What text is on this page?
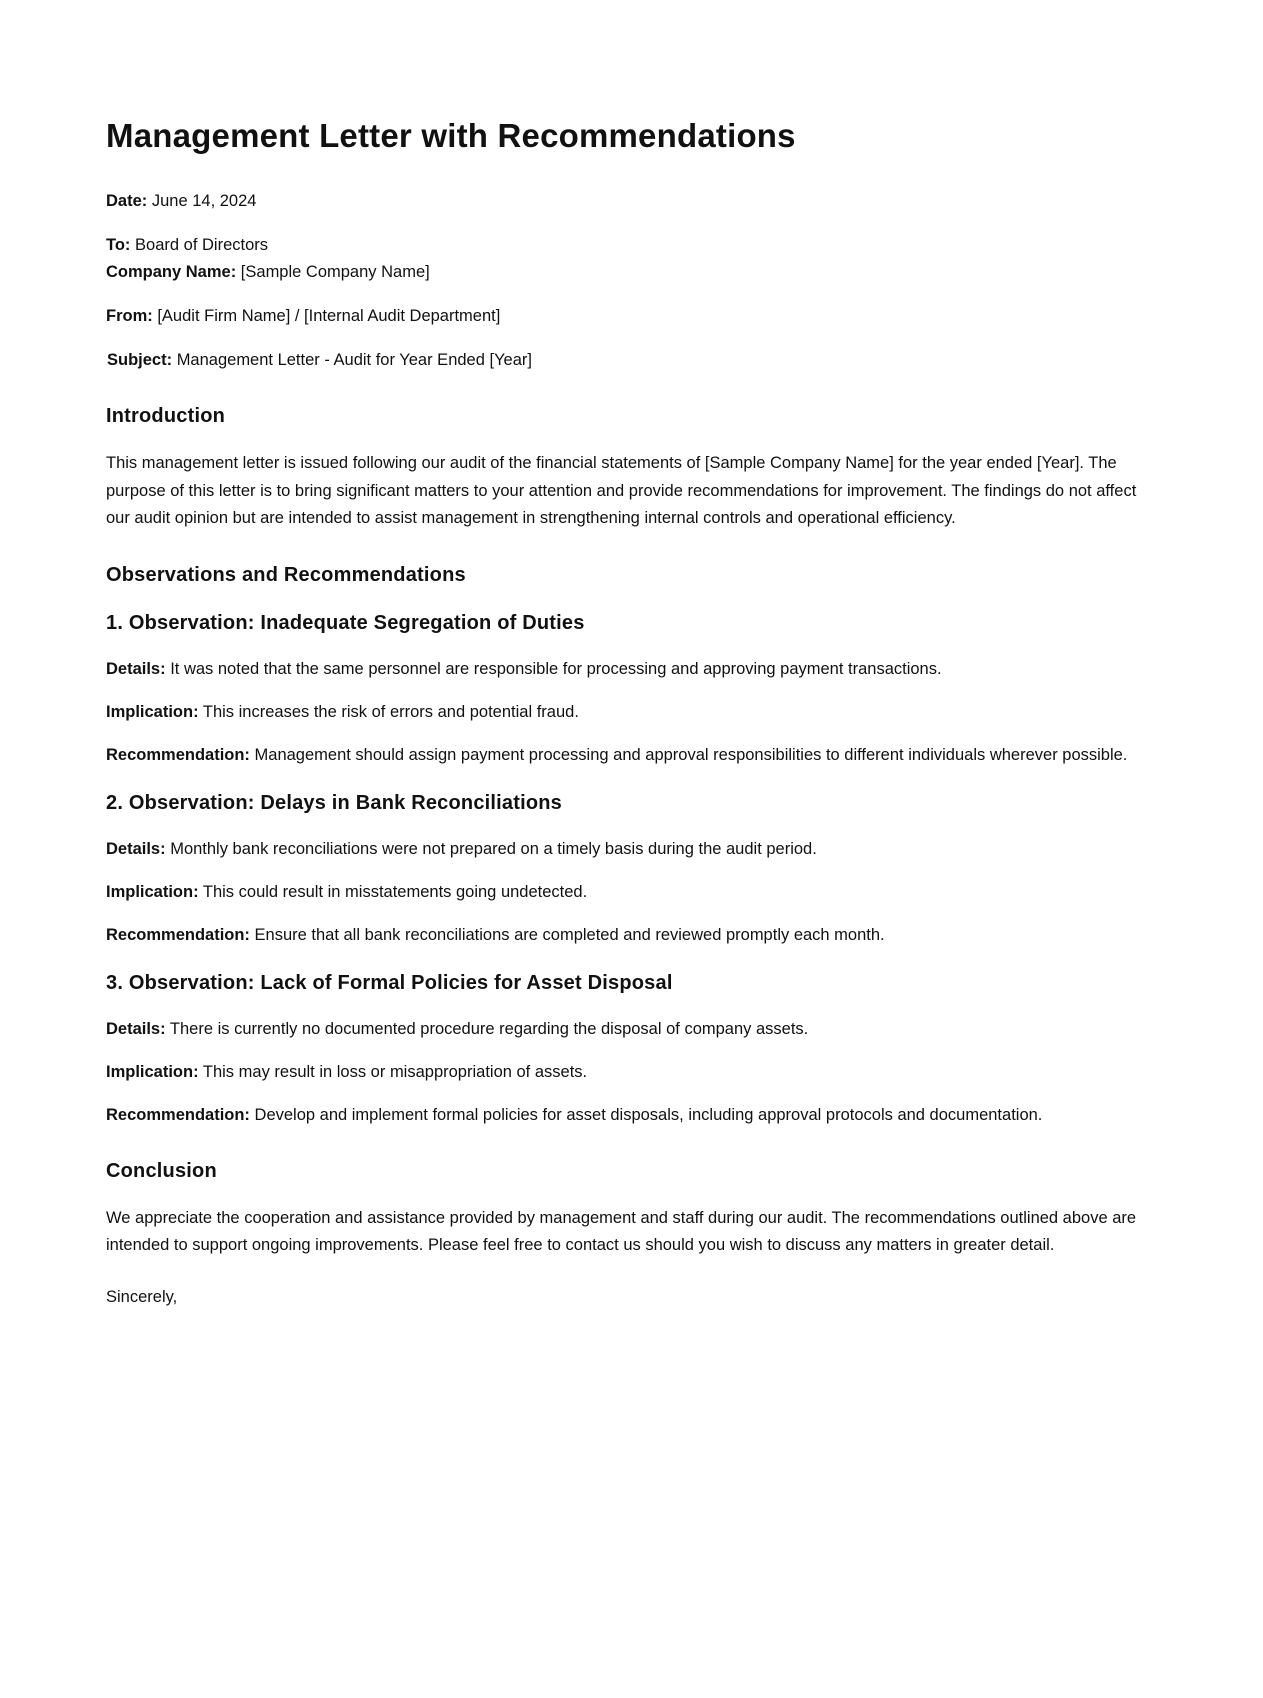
Management Letter with Recommendations

Date: June 14, 2024

To: Board of Directors

Company Name: [Sample Company Name]

From: [Audit Firm Name] / [Internal Audit Department]

Subject: Management Letter - Audit for Year Ended [Year]

Introduction

This management letter is issued following our audit of the financial statements of [Sample Company Name] for the year ended [Year]. The purpose of this letter is to bring significant matters to your attention and provide recommendations for improvement. The findings do not affect our audit opinion but are intended to assist management in strengthening internal controls and operational efficiency.

Observations and Recommendations
1. Observation: Inadequate Segregation of Duties

Details: It was noted that the same personnel are responsible for processing and approving payment transactions.

Implication: This increases the risk of errors and potential fraud.

Recommendation: Management should assign payment processing and approval responsibilities to different individuals wherever possible.

2. Observation: Delays in Bank Reconciliations

Details: Monthly bank reconciliations were not prepared on a timely basis during the audit period.

Implication: This could result in misstatements going undetected.

Recommendation: Ensure that all bank reconciliations are completed and reviewed promptly each month.

3. Observation: Lack of Formal Policies for Asset Disposal

Details: There is currently no documented procedure regarding the disposal of company assets.

Implication: This may result in loss or misappropriation of assets.

Recommendation: Develop and implement formal policies for asset disposals, including approval protocols and documentation.

Conclusion

We appreciate the cooperation and assistance provided by management and staff during our audit. The recommendations outlined above are intended to support ongoing improvements. Please feel free to contact us should you wish to discuss any matters in greater detail.

Sincerely,
